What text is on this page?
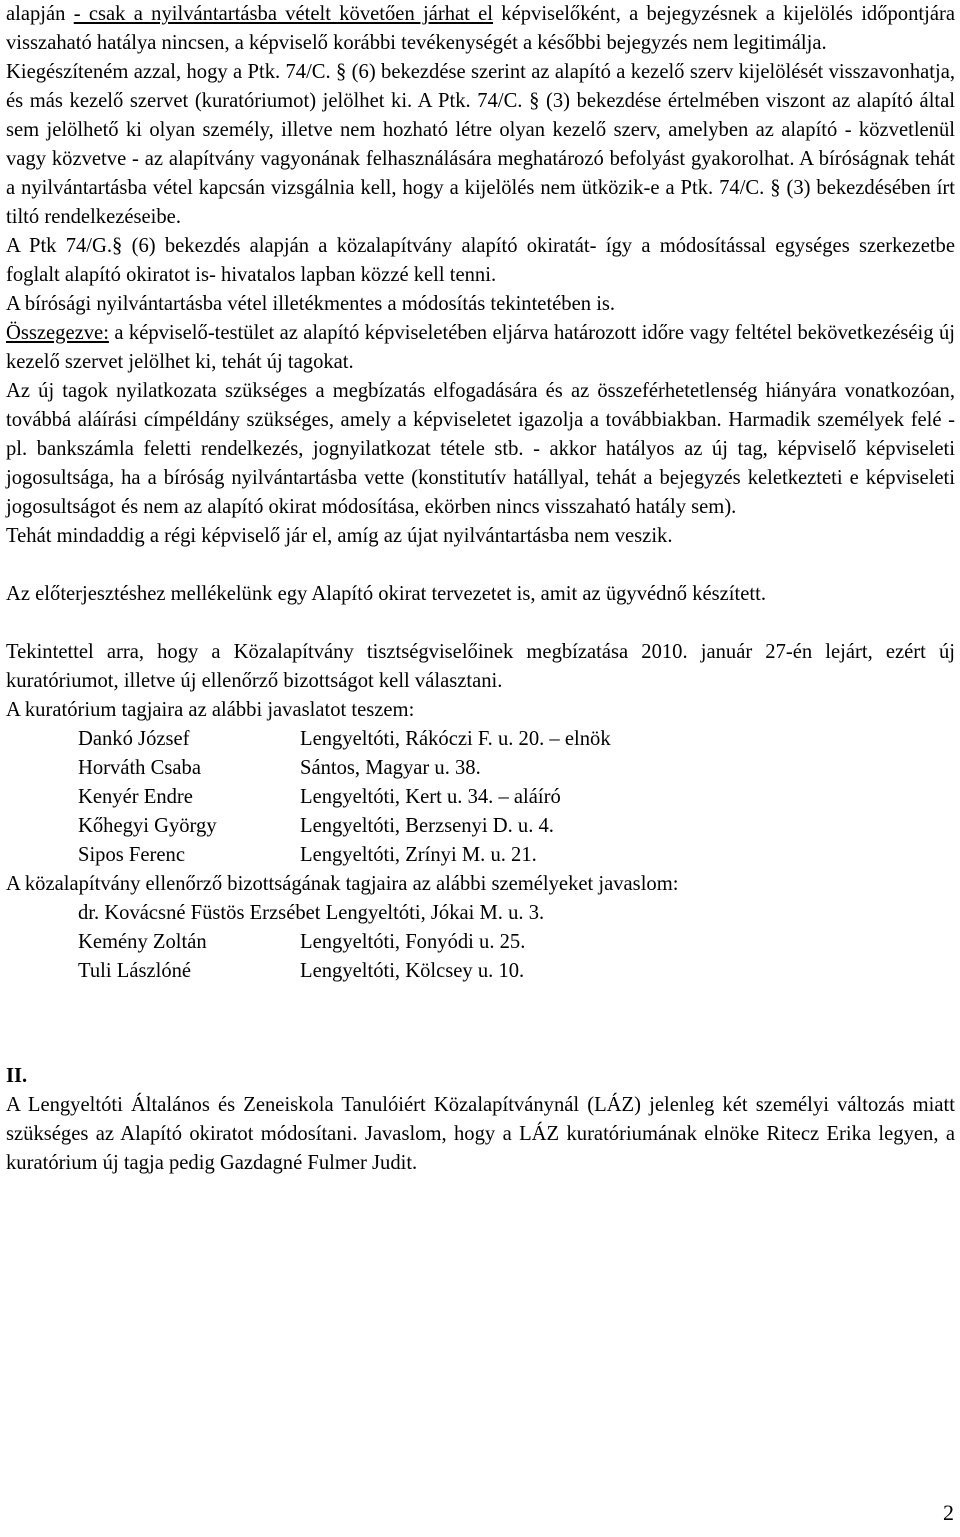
alapján - csak a nyilvántartásba vételt követően járhat el képviselőként, a bejegyzésnek a kijelölés időpontjára visszaható hatálya nincsen, a képviselő korábbi tevékenységét a későbbi bejegyzés nem legitimálja.

Kiegészíteném azzal, hogy a Ptk. 74/C. § (6) bekezdése szerint az alapító a kezelő szerv kijelölését visszavonhatja, és más kezelő szervet (kuratóriumot) jelölhet ki. A Ptk. 74/C. § (3) bekezdése értelmében viszont az alapító által sem jelölhető ki olyan személy, illetve nem hozható létre olyan kezelő szerv, amelyben az alapító - közvetlenül vagy közvetve - az alapítvány vagyonának felhasználására meghatározó befolyást gyakorolhat. A bíróságnak tehát a nyilvántartásba vétel kapcsán vizsgálnia kell, hogy a kijelölés nem ütközik-e a Ptk. 74/C. § (3) bekezdésében írt tiltó rendelkezéseibe.

A Ptk 74/G.§ (6) bekezdés alapján a közalapítvány alapító okiratát- így a módosítással egységes szerkezetbe foglalt alapító okiratot is- hivatalos lapban közzé kell tenni.

A bírósági nyilvántartásba vétel illetékmentes a módosítás tekintetében is.

Összegezve: a képviselő-testület az alapító képviseletében eljárva határozott időre vagy feltétel bekövetkezéséig új kezelő szervet jelölhet ki, tehát új tagokat.

Az új tagok nyilatkozata szükséges a megbízatás elfogadására és az összeférhetetlenség hiányára vonatkozóan, továbbá aláírási címpéldány szükséges, amely a képviseletet igazolja a továbbiakban. Harmadik személyek felé - pl. bankszámla feletti rendelkezés, jognyilatkozat tétele stb. - akkor hatályos az új tag, képviselő képviseleti jogosultsága, ha a bíróság nyilvántartásba vette (konstitutív hatállyal, tehát a bejegyzés keletkezteti e képviseleti jogosultságot és nem az alapító okirat módosítása, ekörben nincs visszaható hatály sem).

Tehát mindaddig a régi képviselő jár el, amíg az újat nyilvántartásba nem veszik.

Az előterjesztéshez mellékelünk egy Alapító okirat tervezetet is, amit az ügyvédnő készített.

Tekintettel arra, hogy a Közalapítvány tisztségviselőinek megbízatása 2010. január 27-én lejárt, ezért új kuratóriumot, illetve új ellenőrző bizottságot kell választani.

A kuratórium tagjaira az alábbi javaslatot teszem:

Dankó József	Lengyeltóti, Rákóczi F. u. 20. – elnök
Horváth Csaba	Sántos, Magyar u. 38.
Kenyér Endre	Lengyeltóti, Kert u. 34. – aláíró
Kőhegyi György	Lengyeltóti, Berzsenyi D. u. 4.
Sipos Ferenc	Lengyeltóti, Zrínyi M. u. 21.

A közalapítvány ellenőrző bizottságának tagjaira az alábbi személyeket javaslom:

dr. Kovácsné Füstös Erzsébet Lengyeltóti, Jókai M. u. 3.
Kemény Zoltán	Lengyeltóti, Fonyódi u. 25.
Tuli Lászlóné	Lengyeltóti, Kölcsey u. 10.

II.

A Lengyeltóti Általános és Zeneiskola Tanulóiért Közalapítványnál (LÁZ) jelenleg két személyi változás miatt szükséges az Alapító okiratot módosítani. Javaslom, hogy a LÁZ kuratóriumának elnöke Ritecz Erika legyen, a kuratórium új tagja pedig Gazdagné Fulmer Judit.

2
